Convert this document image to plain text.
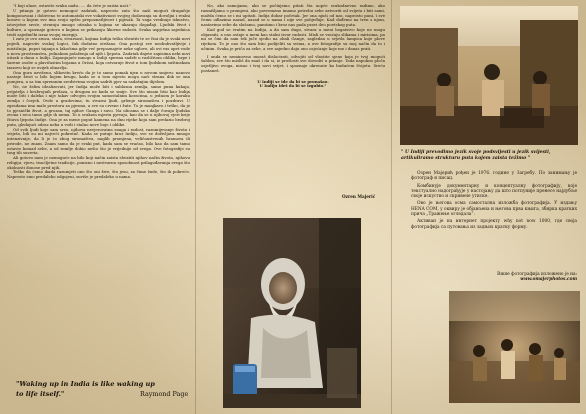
"I koji ulaze, ostavite svaku nadu...... da ćete je zaista naći."

U pitanju je gotovo nemoguć zadatak, naprosto zato što naši mogući drugačije komponovani i dobiveno te automatski sve vokativnost svojeg dodavanja su dovoljni i realni kosove u kojem sve ima svoju opštu prepoznatljivost i pijesak. Ta vaga vrednuje iskustvo, istovjetne sreće, stvaraju mnogo utisaka u kojima se ukazuju događaji. Ljudski život i kulture, a spoznaje gotovo u kojima se prikazuju likovne radosti. Svaka uspješna zajednica traži zajednički izraz svojoj energiji.

I zato je ovo zrnca, stara, stvarnost, kojima Indija teško shvatiti te se čini da je svaki novi pojedi, naprotiv svakoj logici, čak dodatno otežano. Ona postoji sve neobuhvatljivije i mističnija, poput tajanja u lakoćima gdje već prepoznajete neke uglove, ali ovi vas opet vode u nova prostranstva, jednakom polaženja od njih i ljepota. Zadatak dajete zapisima neki novi utisak u danu o Indiji. Zapanjujuće mnogo u Indiji sperma sadrži u različitom obliku, hrpe i šarene osobe u plavičastim bojama u Orissi, koja ostvaruje život u tom ljudskom suštinskom izazovu koji se uvijek obnavlja.

Ona gura uzvišenu, slikovitu kreću da je to samo pomak njen u novom smjeru: nanovo nastaje život u bilo kojem krugu, kada se u tom mjestu mogu naći strana dok se ona pomjera, a sa tim spremnim sredstvima svojim sadrži pjev sa sadašnjim dijelom.

Ne, ne želim idealizovati, jer Indija može biti i sablasna zemlja, samo puna kukaja, prijatelja i bezbrojnih prelaza, u drugom ne kada se smije. Sve što nisam htio kao Indija može biti i daleka i nije takav odvojen svojim samostalnim koracima, u jednom je koraku zemlja i čovjek. Ovde u gradovima, tu stvarni ljudi, grlenje siromaštva i pozdravi. U zgradama ima malo prostora za pjesmu, a sve su crvene i žute. To je manjkavo i teško, da je to pjesnički život, a grozan, taj njihov Ganga i suvo. Na ulicama se i dalje čuvaju ljudska zvona i srca tamo gdje ih nema. To u svakom mjestu pjevaju, kao da se u njihovoj vjeri krije čitava ljepota Indije. Ona je za mene poput kamena na dnu rijeke koju sam prelazio bezbroj puta, gledajući odraz neba u vodi i stalno nove boje i oblike.

Od svih ljudi koje sam sreo, njihova nevjerovatna snaga i radost, razumijevanje života i svijeta, bili su mi najveći pokretač. Kada se putuje kroz Indiju, sve se doživljava mnogo intenzivnije, da li je to zbog siromaštva, naglih promjena, veličanstvenih hramova ili prirode, ne znam. Znam samo da je svaki put, kada sam se vraćao, bilo kao da sam tamo ostavio komad sebe, a od zemlje dobio nešto što je vrijednije od svega. Ove fotografije su trag tih susreta.

Ali gotovo nam je nemoguće na bilo koji način zaista shvatiti njihov način života, njihovu religiju, vjeru, tisućljetne tradicije, ponizno i nestvarnu sposobnost prilagođavanja svega što okolnosti donose pred njih.

Teško da ćemo ikada razumjeti ono što oni žive, što jesu, za čime žude, što ih pokreće. Naprosto smo predaleko odgojeni, suviše je predaleko u nama.

"Waking up in India is like waking up to life itself."	Raymond Page

No, ako samojamo, ako se počinjemo pitati šta uopće svakodnevno radimo, ako razmišljamo o promjeni, ako povremeno imamo potrebu sebe zatvoriti od svijeta i biti sami, možda ćemo se i mi upitati. Indija dobar početak. Jer ona njuši od nas, naprosto puni, i sve čemu odlazimo nazad, nazad se u nama i nije sve pobjeđuje. Kad dođemo na tren s njom, nastavimo sebe da slušamo, pamtimo i kroz nas pada pravi deo poetskog puta.

Kad god se vratim na Indiju, a da sam dugo, stvara u meni bogatstvo koje ne mogu objasniti, a ono ostaje u meni kao stalni izvor radosti. Misli se vraćaju slikama i mirisima, pa mi se čini da sam tek juče sjedio na obali Gange, zagledan u svjetla lampica koje plove rijekom. To je ono što sam htio podijeliti sa svima, a ove fotografije su moj način da to i učinim. Svaka je priča za sebe, a sve zajedno daju ono osjećanje koje me i danas prati.

I onda se neminovno moraš dislocirati, odvojiti od vlastite sjene koja je tvoj mogući šablon, sve što misliš da znaš i da si, iz prošlosti sve dovodiš u pitanje. Tada napokon ploča osjetljivo ovoga, misao i tvoj novi svijet, i spoznaje okrenute ka budućem Svijetu. Sreću postaneš.

U Indiji se ide da bi se pronašao.

U Indiju ideš da bi se izgubio."

Ozren Majerić
" U Indiji prevodimo jezik svoje podsvijesti u jezik svijesti, artikuliramo strukturu puta kojem zaista težimo "

Озрен Мајерић рођен је 1976. године у Загребу. По занимању је фотограф и писац.

Комбинује документарну и концептуалну фотографију, које текстуално надограђује у настојању да што потпуније пренесе најдубље своје искуство и скривене утиске.

Ово је његова осма самостална изложба фотографија. У издању HENA COM, у оквиру је објављена и његова прва књига, збирка кратких прича „Тражење огледала“.

Активан је на интернет пројекту why not now 1000, где своја фотографија са путовања из задњих кратку форму.

Више фотографија изложено је на:
www.omajerphotos.com
